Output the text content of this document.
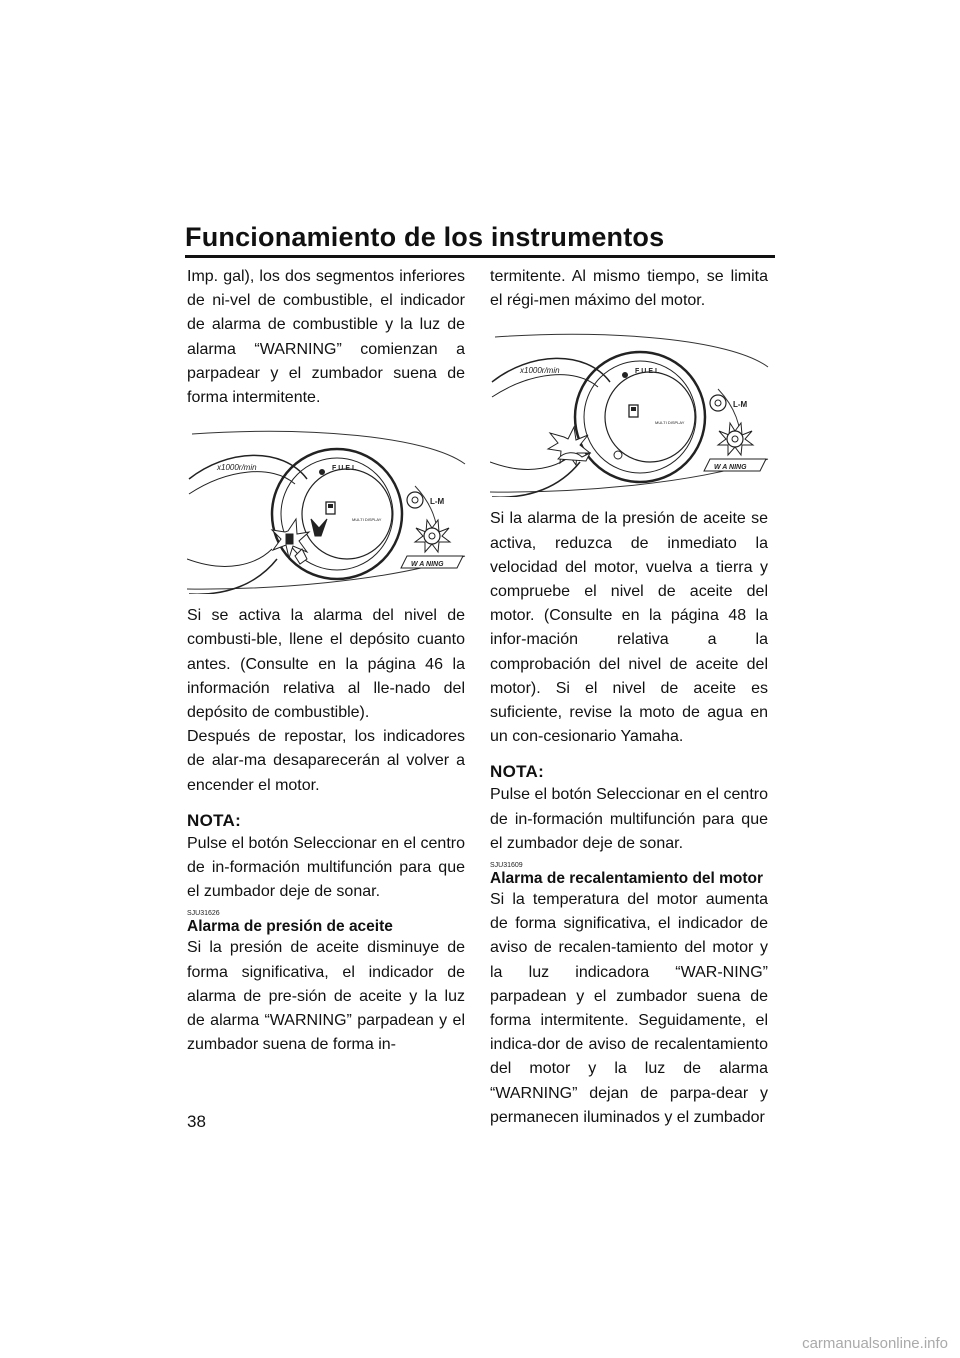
Funcionamiento de los instrumentos

Imp. gal), los dos segmentos inferiores de ni-vel de combustible, el indicador de alarma de combustible y la luz de alarma “WARNING” comienzan a parpadear y el zumbador suena de forma intermitente.

x1000r/min	FUEL
MULTI DISPLAY
L-M
W A NING

Si se activa la alarma del nivel de combusti-ble, llene el depósito cuanto antes. (Consulte en la página 46 la información relativa al lle-nado del depósito de combustible).

Después de repostar, los indicadores de alar-ma desaparecerán al volver a encender el motor.

NOTA:

Pulse el botón Seleccionar en el centro de in-formación multifunción para que el zumbador deje de sonar.

SJU31626

Alarma de presión de aceite

Si la presión de aceite disminuye de forma significativa, el indicador de alarma de pre-sión de aceite y la luz de alarma “WARNING” parpadean y el zumbador suena de forma in-

termitente. Al mismo tiempo, se limita el régi-men máximo del motor.

x1000r/min	FUEL
MULTI DISPLAY
L-M
W A NING

Si la alarma de la presión de aceite se activa, reduzca de inmediato la velocidad del motor, vuelva a tierra y compruebe el nivel de aceite del motor. (Consulte en la página 48 la infor-mación relativa a la comprobación del nivel de aceite del motor). Si el nivel de aceite es suficiente, revise la moto de agua en un con-cesionario Yamaha.

NOTA:

Pulse el botón Seleccionar en el centro de in-formación multifunción para que el zumbador deje de sonar.

SJU31609

Alarma de recalentamiento del motor

Si la temperatura del motor aumenta de forma significativa, el indicador de aviso de recalen-tamiento del motor y la luz indicadora “WAR-NING” parpadean y el zumbador suena de forma intermitente. Seguidamente, el indica-dor de aviso de recalentamiento del motor y la luz de alarma “WARNING” dejan de parpa-dear y permanecen iluminados y el zumbador

38
carmanualsonline.info
